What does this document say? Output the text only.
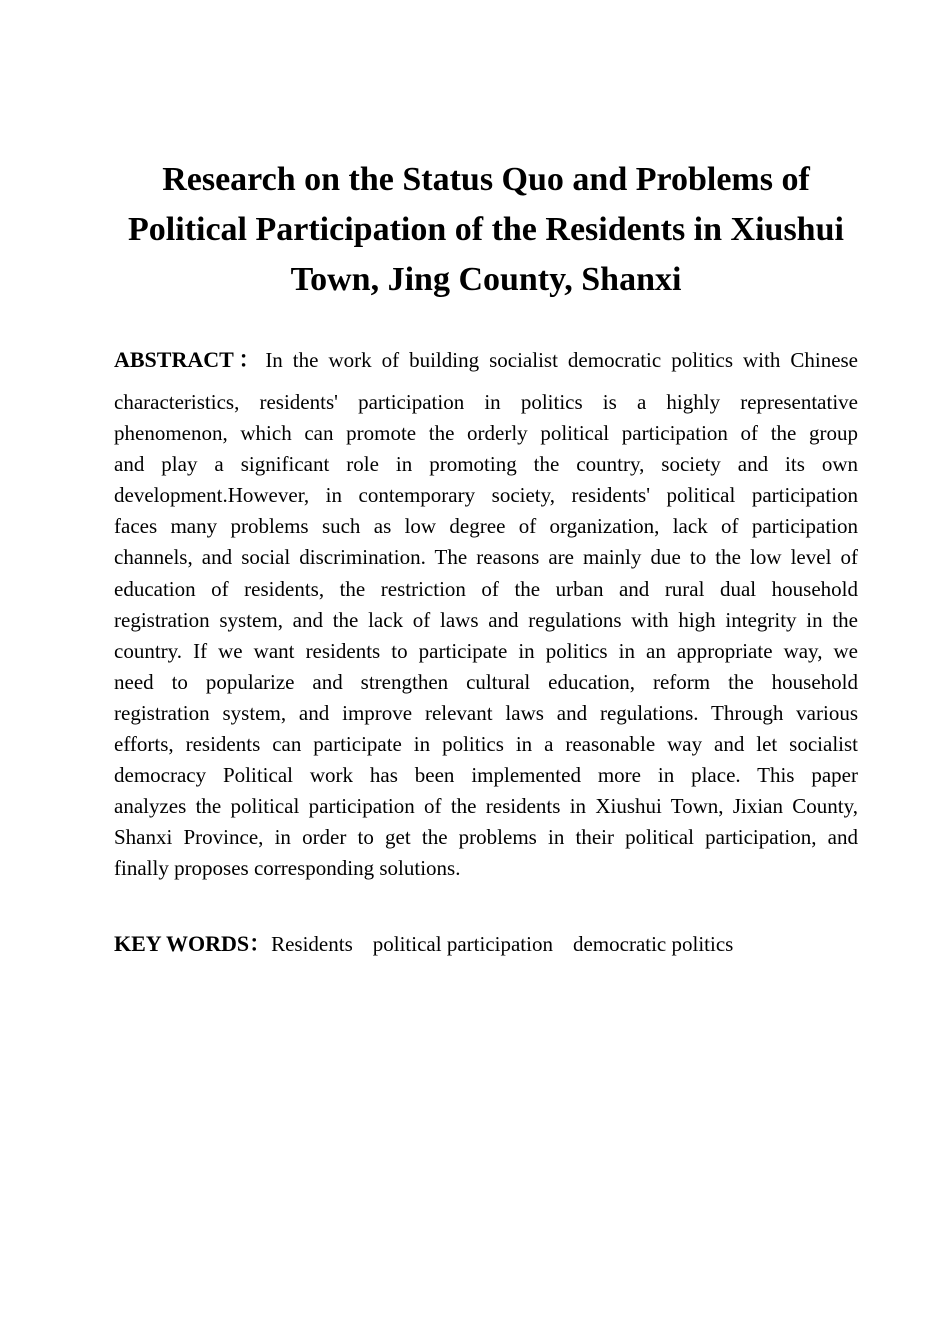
Research on the Status Quo and Problems of
Political Participation of the Residents in Xiushui
Town, Jing County, Shanxi

ABSTRACT：In the work of building socialist democratic politics with Chinese

characteristics, residents' participation in politics is a highly representative
phenomenon, which can promote the orderly political participation of the group
and play a significant role in promoting the country, society and its own
development.However, in contemporary society, residents' political participation
faces many problems such as low degree of organization, lack of participation
channels, and social discrimination. The reasons are mainly due to the low level of
education of residents, the restriction of the urban and rural dual household
registration system, and the lack of laws and regulations with high integrity in the
country. If we want residents to participate in politics in an appropriate way, we
need to popularize and strengthen cultural education, reform the household
registration system, and improve relevant laws and regulations. Through various
efforts, residents can participate in politics in a reasonable way and let socialist
democracy Political work has been implemented more in place. This paper
analyzes the political participation of the residents in Xiushui Town, Jixian County,
Shanxi Province, in order to get the problems in their political participation, and
finally proposes corresponding solutions.

KEY WORDS：Residents political participation democratic politics
